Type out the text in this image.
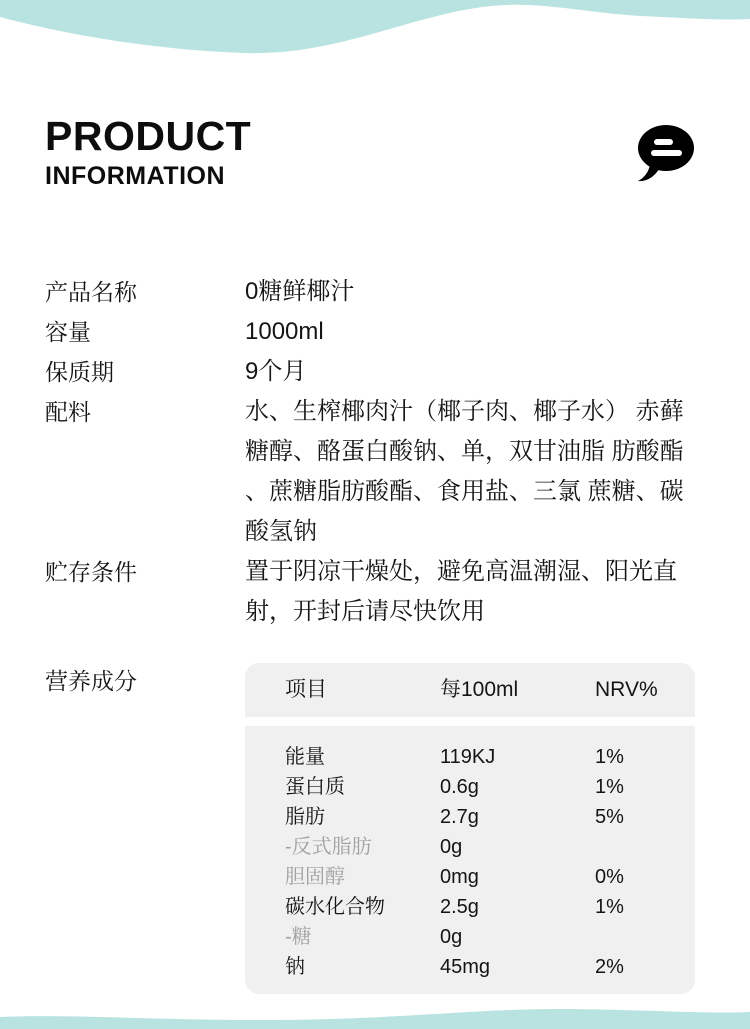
PRODUCT
INFORMATION
产品名称	0糖鲜椰汁
容量	1000ml
保质期	9个月
配料	水、生榨椰肉汁（椰子肉、椰子水） 赤藓糖醇、酪蛋白酸钠、单，双甘油脂 肪酸酯、蔗糖脂肪酸酯、食用盐、三氯 蔗糖、碳酸氢钠
贮存条件	置于阴凉干燥处，避免高温潮湿、阳光直射，开封后请尽快饮用
营养成分	项目	每100ml	NRV%
能量	119KJ	1%
蛋白质	0.6g	1%
脂肪	2.7g	5%
-反式脂肪	0g
胆固醇	0mg	0%
碳水化合物	2.5g	1%
-糖	0g
钠	45mg	2%
